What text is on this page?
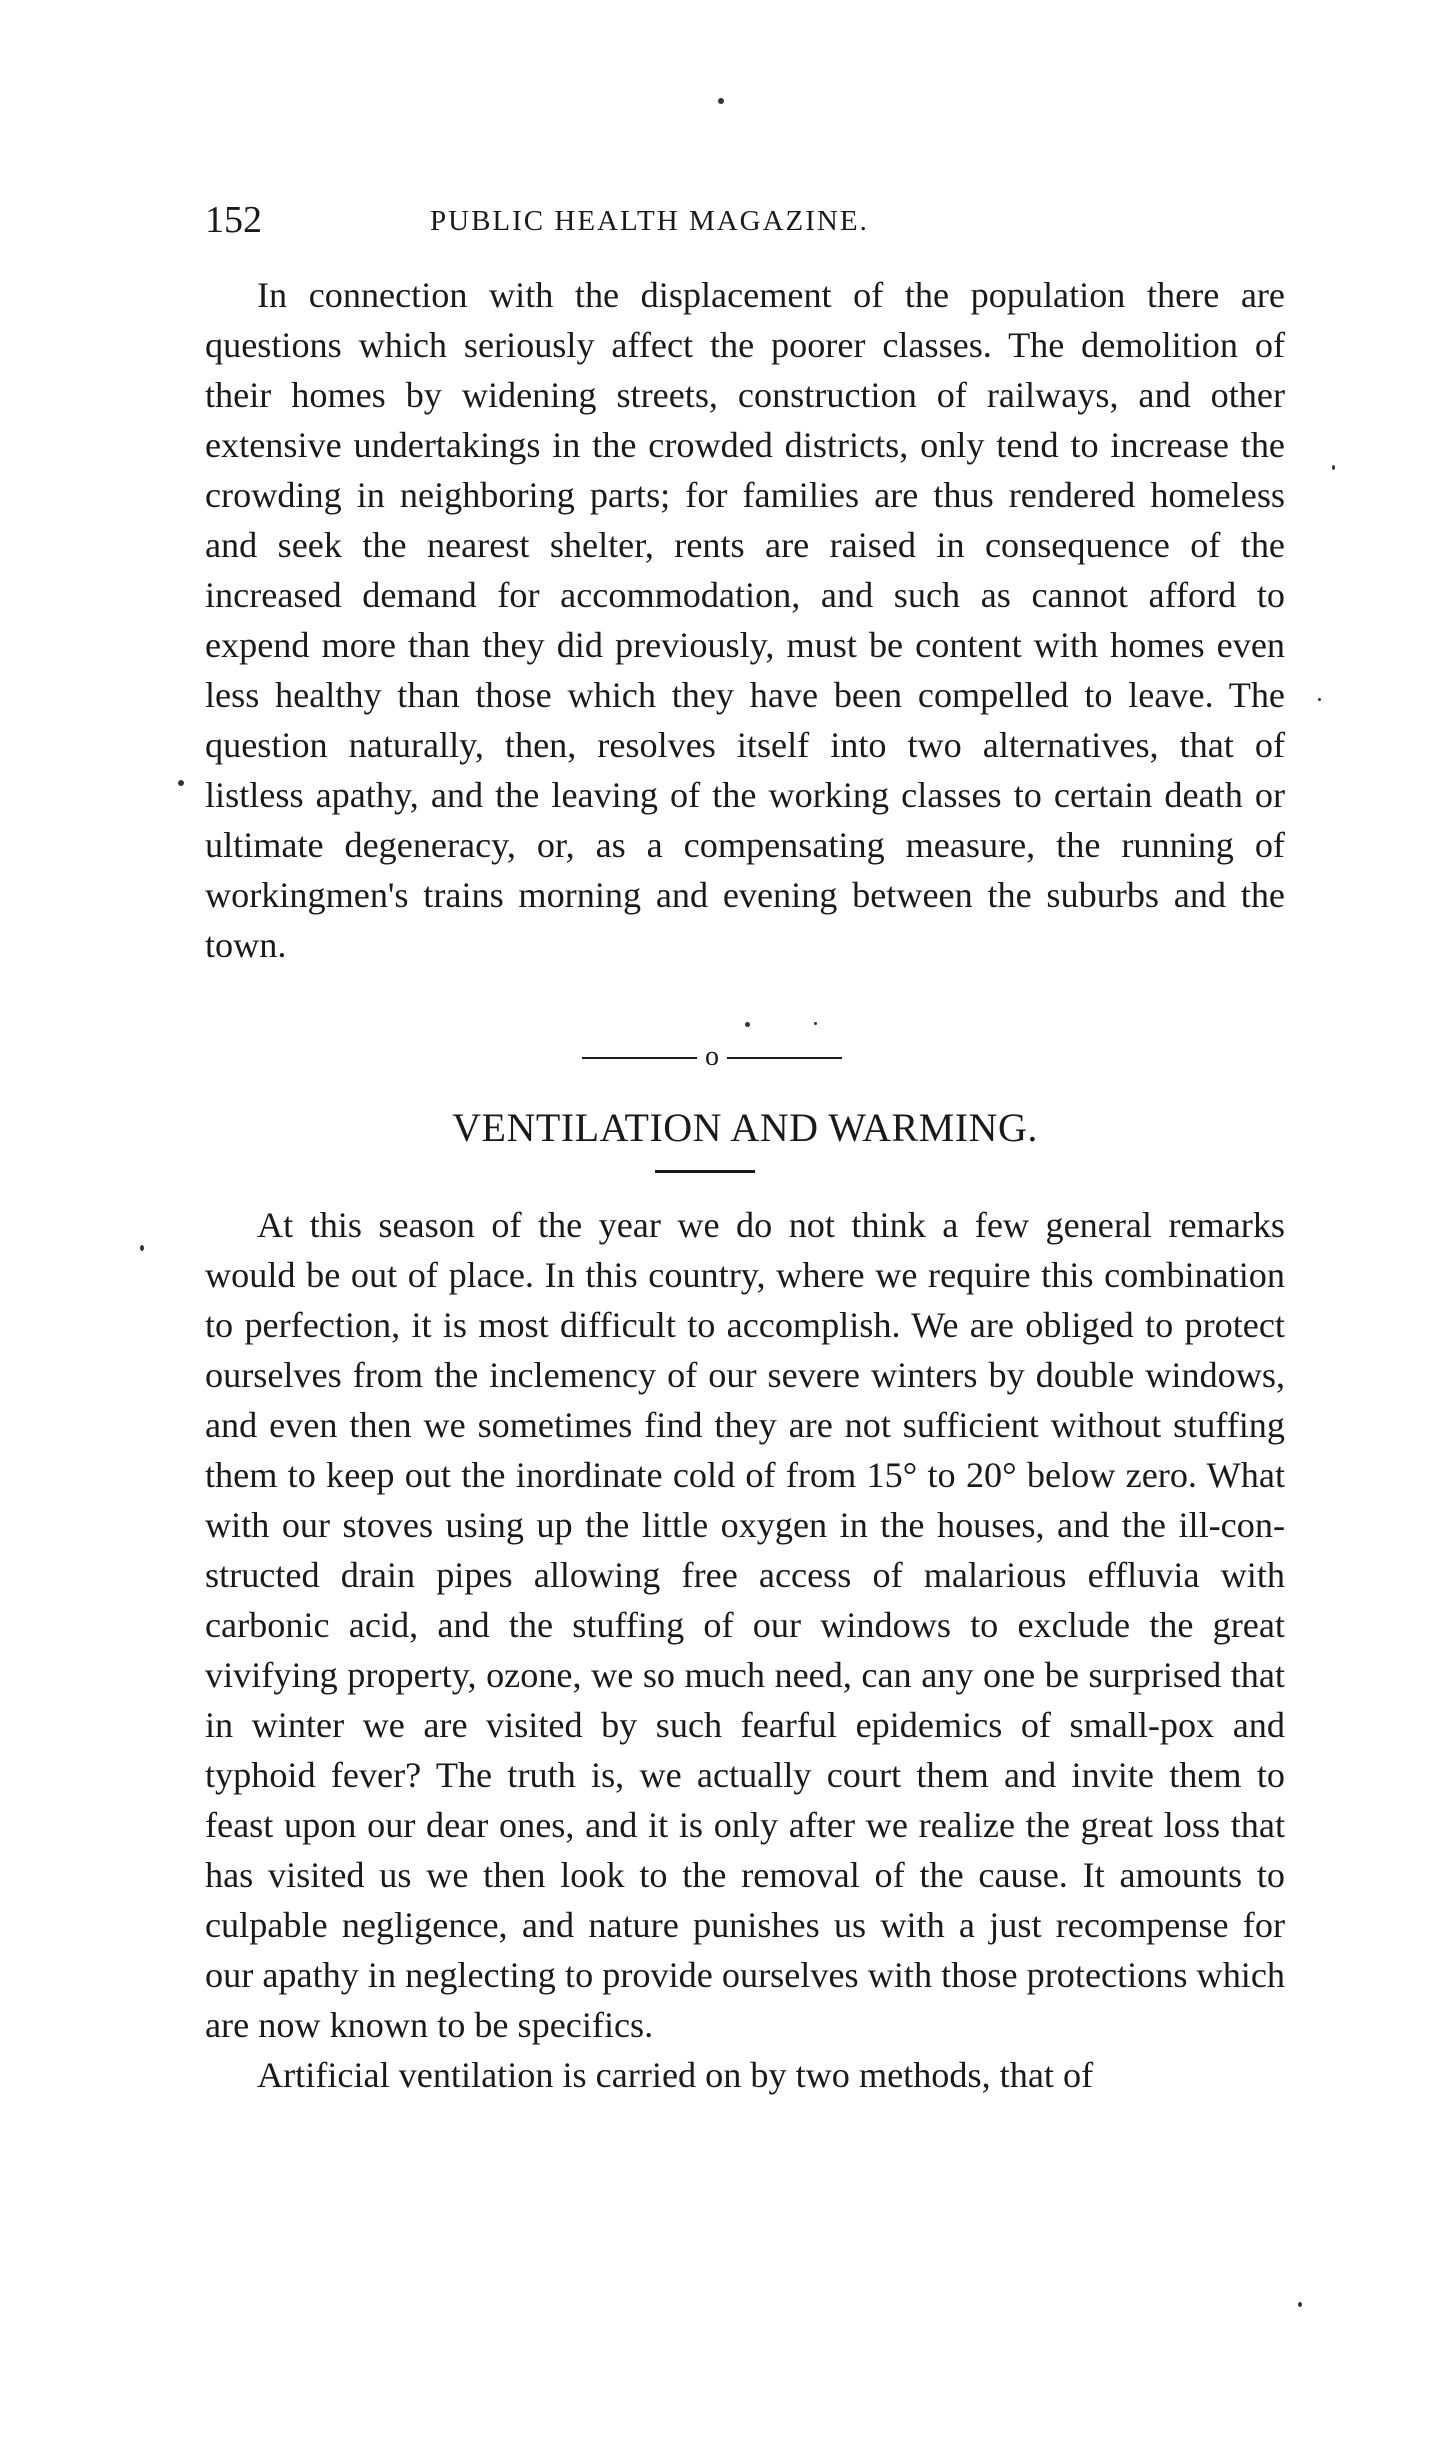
152	PUBLIC HEALTH MAGAZINE.

In connection with the displacement of the population there are questions which seriously affect the poorer classes. The demolition of their homes by widening streets, construction of railways, and other extensive undertakings in the crowded districts, only tend to increase the crowding in neighboring parts; for families are thus rendered homeless and seek the nearest shelter, rents are raised in consequence of the increased demand for accommodation, and such as cannot afford to expend more than they did previously, must be content with homes even less healthy than those which they have been compelled to leave. The question naturally, then, resolves itself into two alternatives, that of listless apathy, and the leaving of the working classes to certain death or ultimate degeneracy, or, as a compensating measure, the running of workingmen's trains morning and evening between the suburbs and the town.

o
VENTILATION AND WARMING.

At this season of the year we do not think a few general remarks would be out of place. In this country, where we require this combination to perfection, it is most difficult to accomplish. We are obliged to protect ourselves from the inclemency of our severe winters by double windows, and even then we sometimes find they are not sufficient without stuffing them to keep out the inordinate cold of from 15° to 20° below zero. What with our stoves using up the little oxygen in the houses, and the ill-constructed drain pipes allowing free access of malarious effluvia with carbonic acid, and the stuffing of our windows to exclude the great vivifying property, ozone, we so much need, can any one be surprised that in winter we are visited by such fearful epidemics of small-pox and typhoid fever? The truth is, we actually court them and invite them to feast upon our dear ones, and it is only after we realize the great loss that has visited us we then look to the removal of the cause. It amounts to culpable negligence, and nature punishes us with a just recompense for our apathy in neglecting to provide ourselves with those protections which are now known to be specifics.

Artificial ventilation is carried on by two methods, that of
